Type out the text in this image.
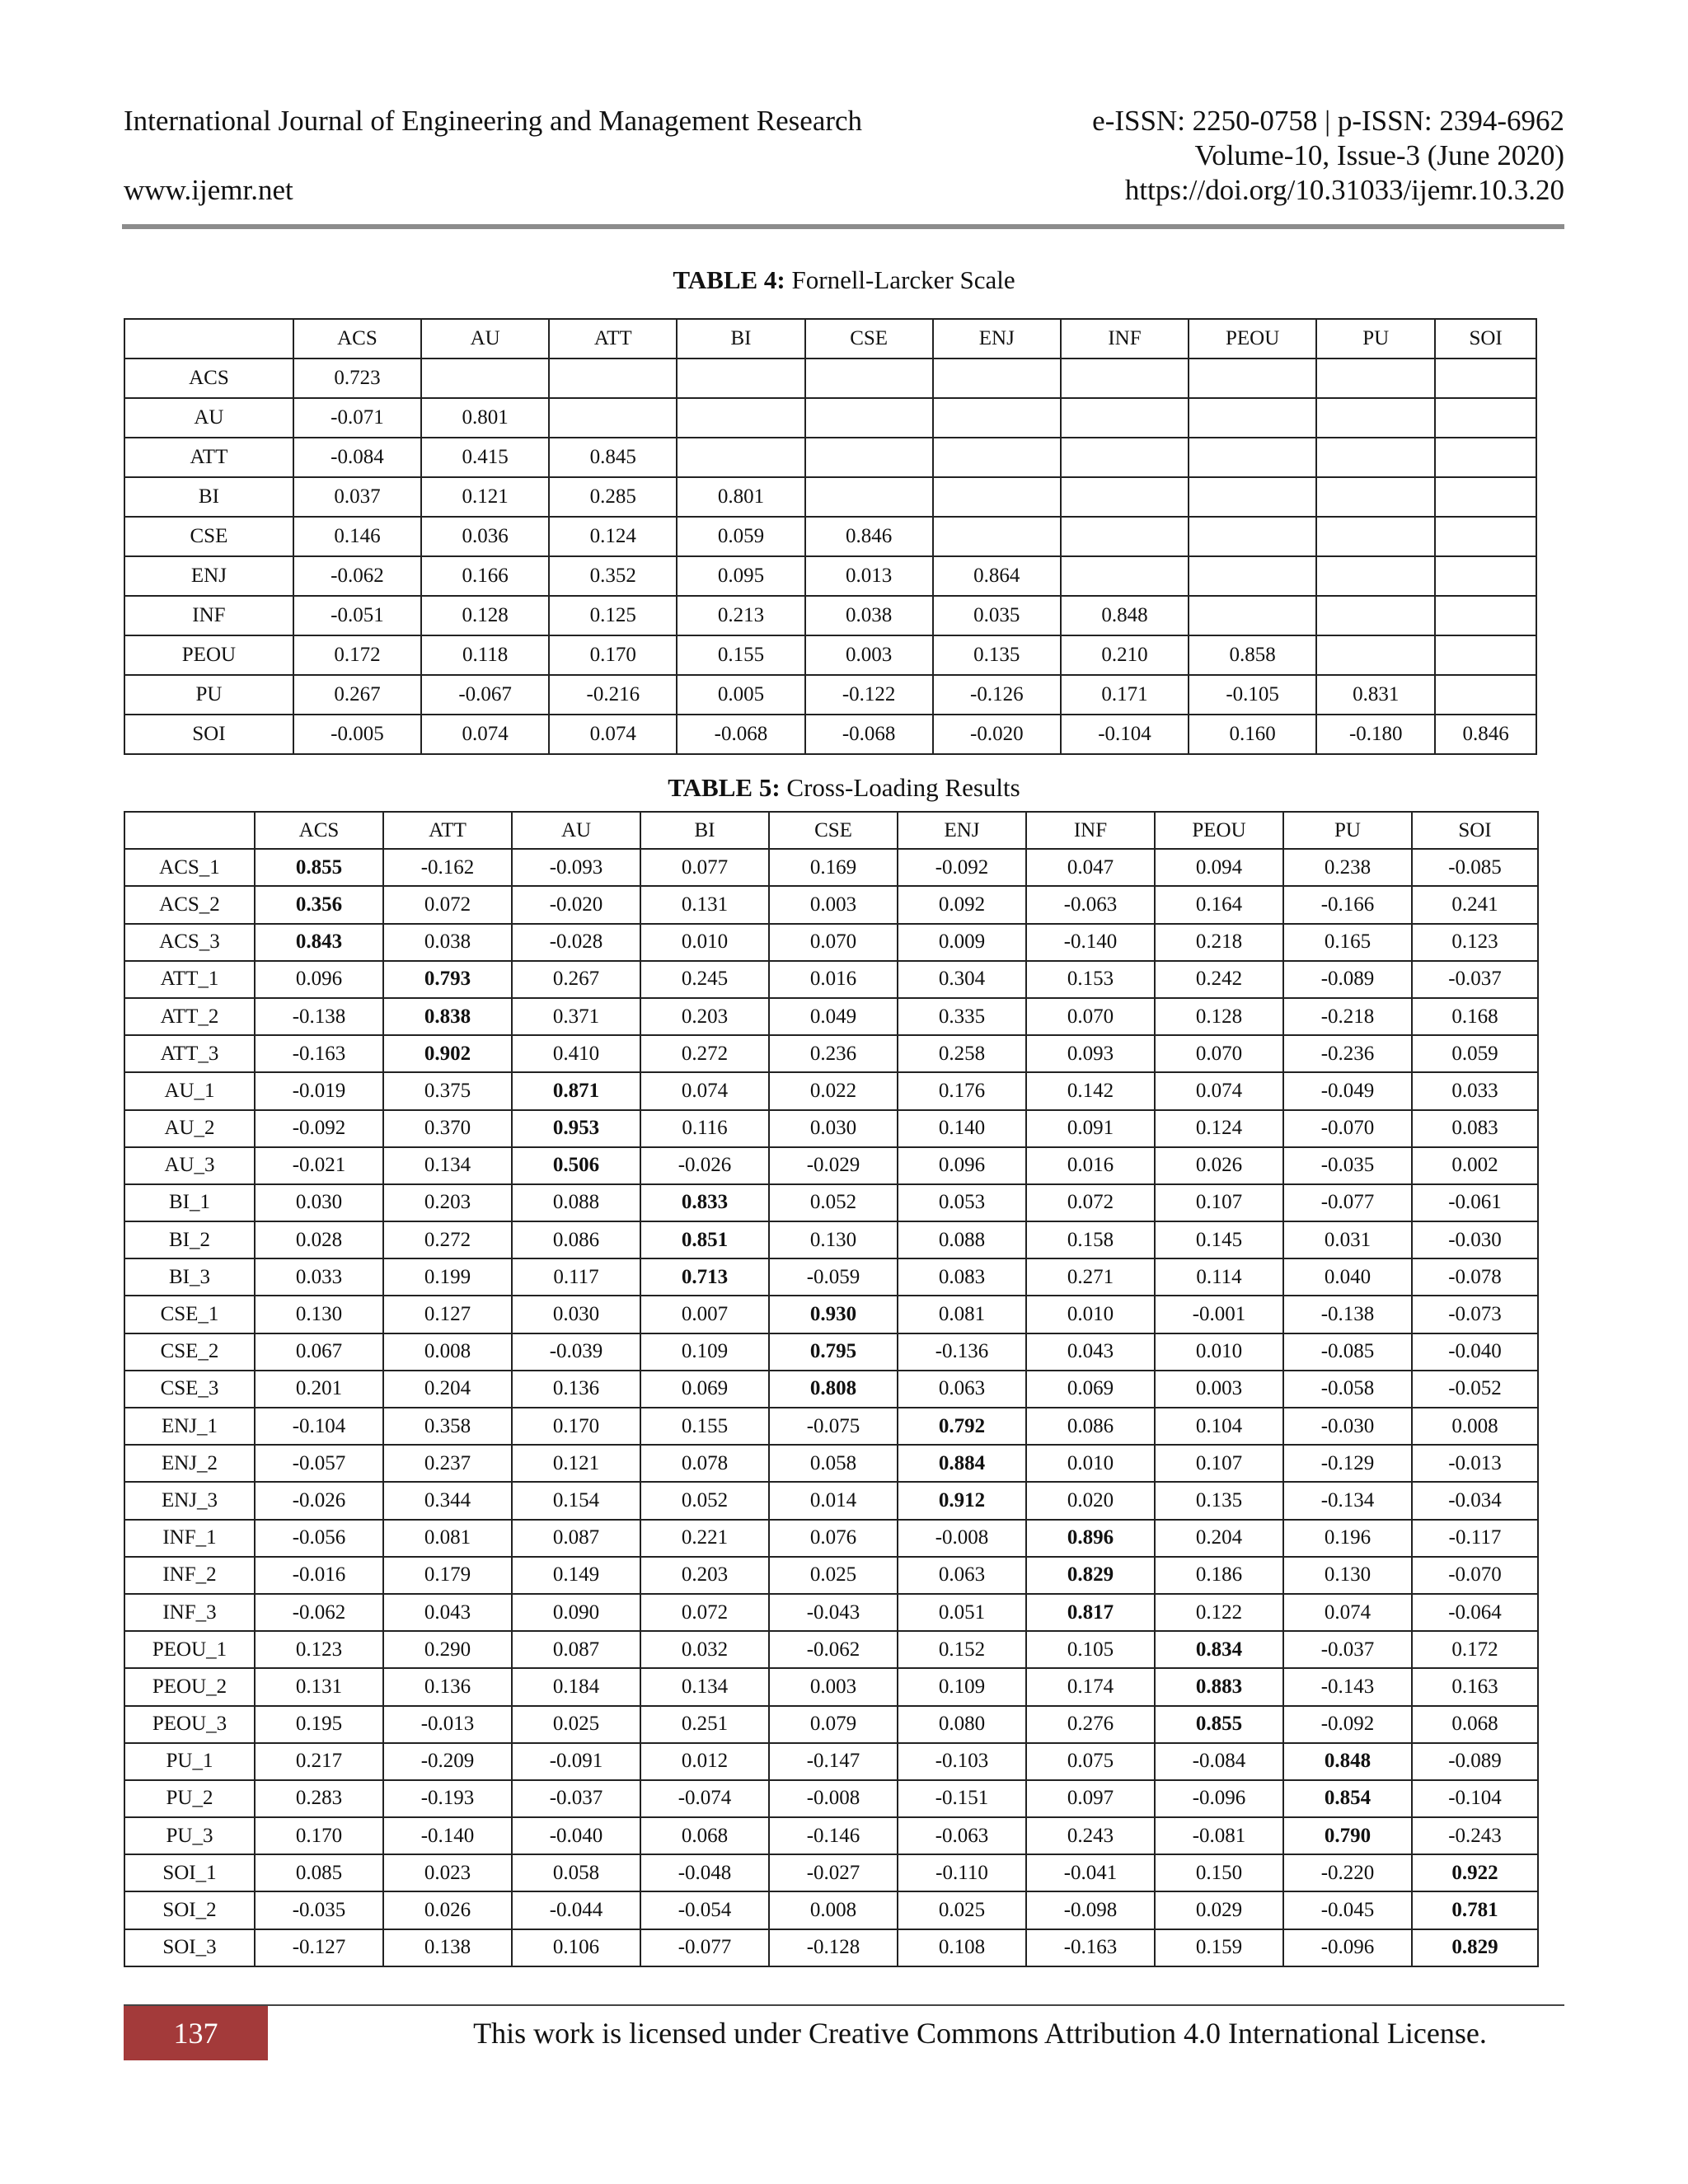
International Journal of Engineering and Management Research	e-ISSN: 2250-0758 | p-ISSN: 2394-6962
Volume-10, Issue-3 (June 2020)
www.ijemr.net	https://doi.org/10.31033/ijemr.10.3.20
TABLE 4: Fornell-Larcker Scale
	ACS	AU	ATT	BI	CSE	ENJ	INF	PEOU	PU	SOI
ACS	0.723									
AU	-0.071	0.801								
ATT	-0.084	0.415	0.845							
BI	0.037	0.121	0.285	0.801						
CSE	0.146	0.036	0.124	0.059	0.846					
ENJ	-0.062	0.166	0.352	0.095	0.013	0.864				
INF	-0.051	0.128	0.125	0.213	0.038	0.035	0.848			
PEOU	0.172	0.118	0.170	0.155	0.003	0.135	0.210	0.858		
PU	0.267	-0.067	-0.216	0.005	-0.122	-0.126	0.171	-0.105	0.831	
SOI	-0.005	0.074	0.074	-0.068	-0.068	-0.020	-0.104	0.160	-0.180	0.846
TABLE 5: Cross-Loading Results
	ACS	ATT	AU	BI	CSE	ENJ	INF	PEOU	PU	SOI
ACS_1	0.855	-0.162	-0.093	0.077	0.169	-0.092	0.047	0.094	0.238	-0.085
ACS_2	0.356	0.072	-0.020	0.131	0.003	0.092	-0.063	0.164	-0.166	0.241
ACS_3	0.843	0.038	-0.028	0.010	0.070	0.009	-0.140	0.218	0.165	0.123
ATT_1	0.096	0.793	0.267	0.245	0.016	0.304	0.153	0.242	-0.089	-0.037
ATT_2	-0.138	0.838	0.371	0.203	0.049	0.335	0.070	0.128	-0.218	0.168
ATT_3	-0.163	0.902	0.410	0.272	0.236	0.258	0.093	0.070	-0.236	0.059
AU_1	-0.019	0.375	0.871	0.074	0.022	0.176	0.142	0.074	-0.049	0.033
AU_2	-0.092	0.370	0.953	0.116	0.030	0.140	0.091	0.124	-0.070	0.083
AU_3	-0.021	0.134	0.506	-0.026	-0.029	0.096	0.016	0.026	-0.035	0.002
BI_1	0.030	0.203	0.088	0.833	0.052	0.053	0.072	0.107	-0.077	-0.061
BI_2	0.028	0.272	0.086	0.851	0.130	0.088	0.158	0.145	0.031	-0.030
BI_3	0.033	0.199	0.117	0.713	-0.059	0.083	0.271	0.114	0.040	-0.078
CSE_1	0.130	0.127	0.030	0.007	0.930	0.081	0.010	-0.001	-0.138	-0.073
CSE_2	0.067	0.008	-0.039	0.109	0.795	-0.136	0.043	0.010	-0.085	-0.040
CSE_3	0.201	0.204	0.136	0.069	0.808	0.063	0.069	0.003	-0.058	-0.052
ENJ_1	-0.104	0.358	0.170	0.155	-0.075	0.792	0.086	0.104	-0.030	0.008
ENJ_2	-0.057	0.237	0.121	0.078	0.058	0.884	0.010	0.107	-0.129	-0.013
ENJ_3	-0.026	0.344	0.154	0.052	0.014	0.912	0.020	0.135	-0.134	-0.034
INF_1	-0.056	0.081	0.087	0.221	0.076	-0.008	0.896	0.204	0.196	-0.117
INF_2	-0.016	0.179	0.149	0.203	0.025	0.063	0.829	0.186	0.130	-0.070
INF_3	-0.062	0.043	0.090	0.072	-0.043	0.051	0.817	0.122	0.074	-0.064
PEOU_1	0.123	0.290	0.087	0.032	-0.062	0.152	0.105	0.834	-0.037	0.172
PEOU_2	0.131	0.136	0.184	0.134	0.003	0.109	0.174	0.883	-0.143	0.163
PEOU_3	0.195	-0.013	0.025	0.251	0.079	0.080	0.276	0.855	-0.092	0.068
PU_1	0.217	-0.209	-0.091	0.012	-0.147	-0.103	0.075	-0.084	0.848	-0.089
PU_2	0.283	-0.193	-0.037	-0.074	-0.008	-0.151	0.097	-0.096	0.854	-0.104
PU_3	0.170	-0.140	-0.040	0.068	-0.146	-0.063	0.243	-0.081	0.790	-0.243
SOI_1	0.085	0.023	0.058	-0.048	-0.027	-0.110	-0.041	0.150	-0.220	0.922
SOI_2	-0.035	0.026	-0.044	-0.054	0.008	0.025	-0.098	0.029	-0.045	0.781
SOI_3	-0.127	0.138	0.106	-0.077	-0.128	0.108	-0.163	0.159	-0.096	0.829
137	This work is licensed under Creative Commons Attribution 4.0 International License.
